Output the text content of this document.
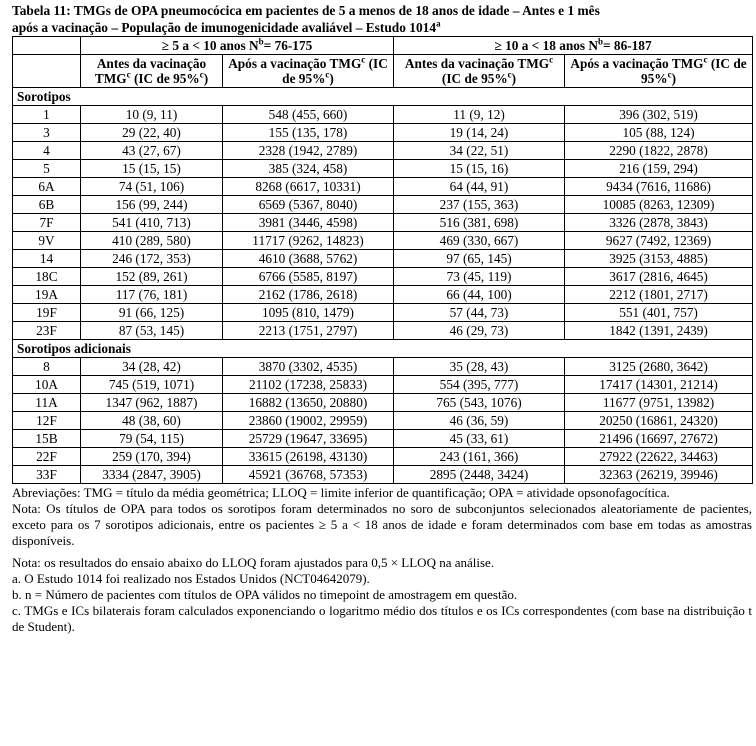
Tabela 11: TMGs de OPA pneumocócica em pacientes de 5 a menos de 18 anos de idade – Antes e 1 mês
após a vacinação – População de imunogenicidade avaliável – Estudo 1014$^a$
	≥ 5 a < 10 anos $N^b= 76-175$		≥ 10 a < 18 anos $N^b= 86-187$	
	Antes da vacinação TMG$^c$ (IC de 95%$^c$)	Após a vacinação TMG$^c$ (IC de 95%$^c$)	Antes da vacinação TMG$^c$ (IC de 95%$^c$)	Após a vacinação TMG$^c$ (IC de 95%$^c$)
Sorotipos				
1	10 (9, 11)	548 (455, 660)	11 (9, 12)	396 (302, 519)
3	29 (22, 40)	155 (135, 178)	19 (14, 24)	105 (88, 124)
4	43 (27, 67)	2328 (1942, 2789)	34 (22, 51)	2290 (1822, 2878)
5	15 (15, 15)	385 (324, 458)	15 (15, 16)	216 (159, 294)
6A	74 (51, 106)	8268 (6617, 10331)	64 (44, 91)	9434 (7616, 11686)
6B	156 (99, 244)	6569 (5367, 8040)	237 (155, 363)	10085 (8263, 12309)
7F	541 (410, 713)	3981 (3446, 4598)	516 (381, 698)	3326 (2878, 3843)
9V	410 (289, 580)	11717 (9262, 14823)	469 (330, 667)	9627 (7492, 12369)
14	246 (172, 353)	4610 (3688, 5762)	97 (65, 145)	3925 (3153, 4885)
18C	152 (89, 261)	6766 (5585, 8197)	73 (45, 119)	3617 (2816, 4645)
19A	117 (76, 181)	2162 (1786, 2618)	66 (44, 100)	2212 (1801, 2717)
19F	91 (66, 125)	1095 (810, 1479)	57 (44, 73)	551 (401, 757)
23F	87 (53, 145)	2213 (1751, 2797)	46 (29, 73)	1842 (1391, 2439)
Sorotipos adicionais				
8	34 (28, 42)	3870 (3302, 4535)	35 (28, 43)	3125 (2680, 3642)
10A	745 (519, 1071)	21102 (17238, 25833)	554 (395, 777)	17417 (14301, 21214)
11A	1347 (962, 1887)	16882 (13650, 20880)	765 (543, 1076)	11677 (9751, 13982)
12F	48 (38, 60)	23860 (19002, 29959)	46 (36, 59)	20250 (16861, 24320)
15B	79 (54, 115)	25729 (19647, 33695)	45 (33, 61)	21496 (16697, 27672)
22F	259 (170, 394)	33615 (26198, 43130)	243 (161, 366)	27922 (22622, 34463)
33F	3334 (2847, 3905)	45921 (36768, 57353)	2895 (2448, 3424)	32363 (26219, 39946)

Abreviações: TMG = título da média geométrica; LLOQ = limite inferior de quantificação; OPA = atividade opsonofagocítica.

Nota: Os títulos de OPA para todos os sorotipos foram determinados no soro de subconjuntos selecionados aleatoriamente de pacientes, exceto para os 7 sorotipos adicionais, entre os pacientes ≥ 5 a < 18 anos de idade e foram determinados com base em todas as amostras disponíveis.

Nota: os resultados do ensaio abaixo do LLOQ foram ajustados para 0,5 × LLOQ na análise.

a. O Estudo 1014 foi realizado nos Estados Unidos (NCT04642079).

b. n = Número de pacientes com títulos de OPA válidos no timepoint de amostragem em questão.

c. TMGs e ICs bilaterais foram calculados exponenciando o logaritmo médio dos títulos e os ICs correspondentes (com base na distribuição t de Student).
